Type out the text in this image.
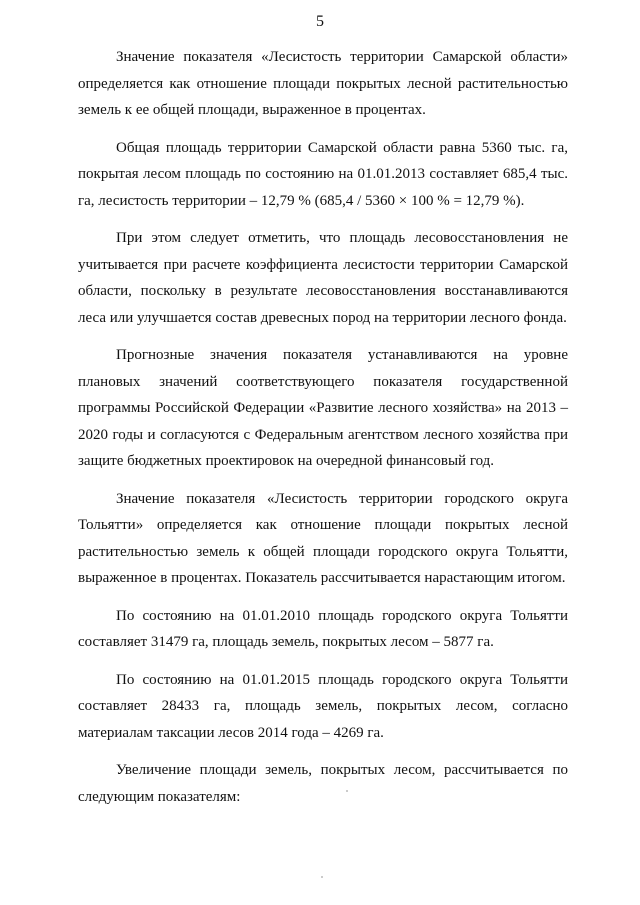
5

Значение показателя «Лесистость территории Самарской области» определяется как отношение площади покрытых лесной растительностью земель к ее общей площади, выраженное в процентах.

Общая площадь территории Самарской области равна 5360 тыс. га, покрытая лесом площадь по состоянию на 01.01.2013 составляет 685,4 тыс. га, лесистость территории – 12,79 % (685,4 / 5360 × 100 % = 12,79 %).

При этом следует отметить, что площадь лесовосстановления не учитывается при расчете коэффициента лесистости территории Самарской области, поскольку в результате лесовосстановления восстанавливаются леса или улучшается состав древесных пород на территории лесного фонда.

Прогнозные значения показателя устанавливаются на уровне плановых значений соответствующего показателя государственной программы Российской Федерации «Развитие лесного хозяйства» на 2013 – 2020 годы и согласуются с Федеральным агентством лесного хозяйства при защите бюджетных проектировок на очередной финансовый год.

Значение показателя «Лесистость территории городского округа Тольятти» определяется как отношение площади покрытых лесной растительностью земель к общей площади городского округа Тольятти, выраженное в процентах. Показатель рассчитывается нарастающим итогом.

По состоянию на 01.01.2010 площадь городского округа Тольятти составляет 31479 га, площадь земель, покрытых лесом – 5877 га.

По состоянию на 01.01.2015 площадь городского округа Тольятти составляет 28433 га, площадь земель, покрытых лесом, согласно материалам таксации лесов 2014 года – 4269 га.

Увеличение площади земель, покрытых лесом, рассчитывается по следующим показателям:
